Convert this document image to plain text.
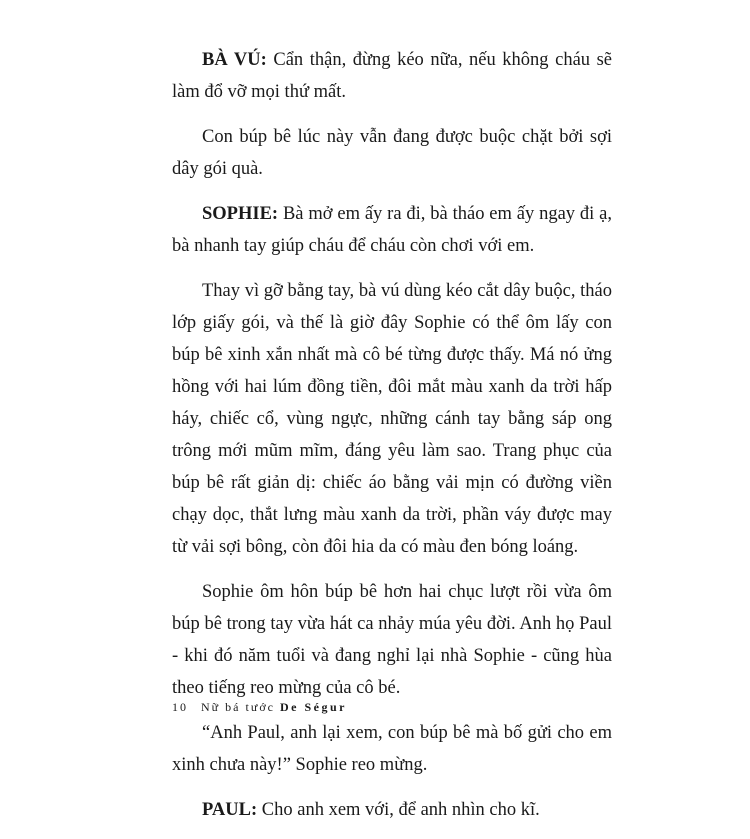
BÀ VÚ: Cẩn thận, đừng kéo nữa, nếu không cháu sẽ làm đổ vỡ mọi thứ mất.

Con búp bê lúc này vẫn đang được buộc chặt bởi sợi dây gói quà.

SOPHIE: Bà mở em ấy ra đi, bà tháo em ấy ngay đi ạ, bà nhanh tay giúp cháu để cháu còn chơi với em.

Thay vì gỡ bằng tay, bà vú dùng kéo cắt dây buộc, tháo lớp giấy gói, và thế là giờ đây Sophie có thể ôm lấy con búp bê xinh xắn nhất mà cô bé từng được thấy. Má nó ửng hồng với hai lúm đồng tiền, đôi mắt màu xanh da trời hấp háy, chiếc cổ, vùng ngực, những cánh tay bằng sáp ong trông mới mũm mĩm, đáng yêu làm sao. Trang phục của búp bê rất giản dị: chiếc áo bằng vải mịn có đường viền chạy dọc, thắt lưng màu xanh da trời, phần váy được may từ vải sợi bông, còn đôi hia da có màu đen bóng loáng.

Sophie ôm hôn búp bê hơn hai chục lượt rồi vừa ôm búp bê trong tay vừa hát ca nhảy múa yêu đời. Anh họ Paul - khi đó năm tuổi và đang nghỉ lại nhà Sophie - cũng hùa theo tiếng reo mừng của cô bé.

“Anh Paul, anh lại xem, con búp bê mà bố gửi cho em xinh chưa này!” Sophie reo mừng.

PAUL: Cho anh xem với, để anh nhìn cho kĩ.

10 Nữ bá tước De Ségur
